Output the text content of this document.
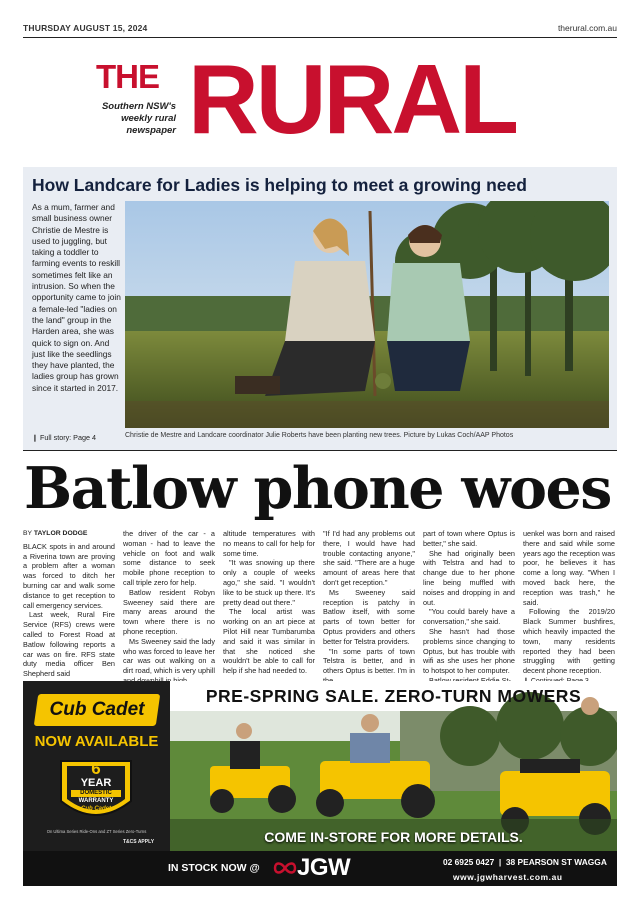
THURSDAY AUGUST 15, 2024	therural.com.au
THE RURAL
Southern NSW's
weekly rural
newspaper
How Landcare for Ladies is helping to meet a growing need
As a mum, farmer and small business owner Christie de Mestre is used to juggling, but taking a toddler to farming events to reskill sometimes felt like an intrusion. So when the opportunity came to join a female-led "ladies on the land" group in the Harden area, she was quick to sign on. And just like the seedlings they have planted, the ladies group has grown since it started in 2017.
❙ Full story: Page 4	Christie de Mestre and Landcare coordinator Julie Roberts have been planting new trees. Picture by Lukas Coch/AAP Photos
Batlow phone woes
BY TAYLOR DODGE

BLACK spots in and around a Riverina town are proving a problem after a woman was forced to ditch her burning car and walk some distance to get reception to call emergency services.

Last week, Rural Fire Service (RFS) crews were called to Forest Road at Batlow following reports a car was on fire. RFS state duty media officer Ben Shepherd said

the driver of the car - a woman - had to leave the vehicle on foot and walk some distance to seek mobile phone reception to call triple zero for help.

Batlow resident Robyn Sweeney said there are many areas around the town where there is no phone reception.

Ms Sweeney said the lady who was forced to leave her car was out walking on a dirt road, which is very uphill

altitude temperatures with no means to call for help for some time.

"It was snowing up there only a couple of weeks ago," she said. "I wouldn't like to be stuck up there. It's pretty dead out there."

The local artist was working on an art piece at Pilot Hill near Tumbarumba and said it was similar in that she noticed she wouldn't be able to call for help if she had needed to.

"If I'd had any problems out there, I would have had trouble contacting anyone," she said. "There are a huge amount of areas here that don't get reception."

Ms Sweeney said reception is patchy in Batlow itself, with some parts of town better for Optus providers and others better for Telstra providers.

"In some parts of town Telstra is better, and in others Optus is better. I'm in

part of town where Optus is better," she said.

She had originally been with Telstra and had to change due to her phone line being muffled with noises and dropping in and out.

"You could barely have a conversation," she said.

She hasn't had those problems since changing to Optus, but has trouble with wifi as she uses her phone to hotspot to her computer.

uenkel was born and raised there and said while some years ago the reception was poor, he believes it has come a long way. "When I moved back here, the reception was trash," he said.

Following the 2019/20 Black Summer bushfires, which heavily impacted the town, many residents reported they had been struggling with getting decent phone reception.

Cub Cadet
NOW AVAILABLE
6
YEAR
DOMESTIC
WARRANTY
Cub Cadet
On Ultima Series Ride-Ons and ZT Series Zero-Turns
T&CS APPLY
PRE-SPRING SALE. ZERO-TURN MOWERS
COME IN-STORE FOR MORE DETAILS.
IN STOCK NOW @ JGW	02 6925 0427  |  38 PEARSON ST WAGGA
www.jgwharvest.com.au
